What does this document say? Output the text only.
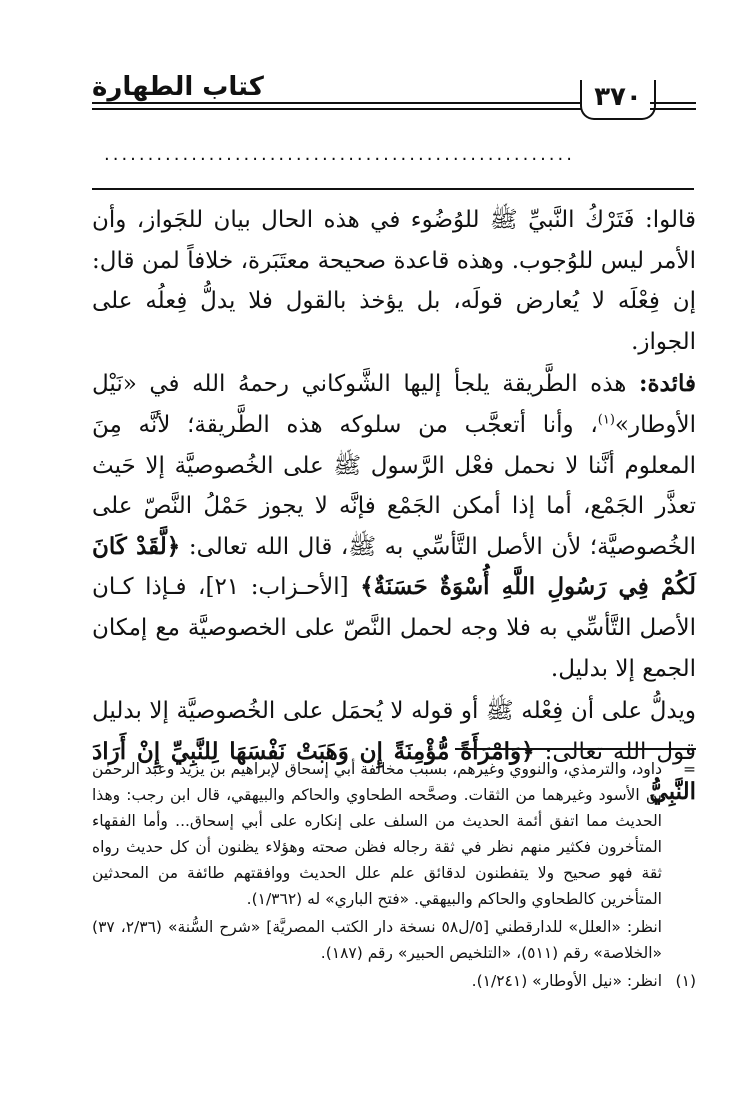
كتاب الطهارة	٣٧٠
......................................................

قالوا: فَتَرْكُ النَّبيِّ ﷺ للوُضُوء في هذه الحال بيان للجَواز، وأن الأمر ليس للوُجوب. وهذه قاعدة صحيحة معتَبَرة، خلافاً لمن قال: إن فِعْلَه لا يُعارض قولَه، بل يؤخذ بالقول فلا يدلُّ فِعلُه على الجواز.

فائدة: هذه الطَّريقة يلجأ إليها الشَّوكاني رحمهُ الله في «نَيْل الأوطار»$^{(١)}$، وأنا أتعجَّب من سلوكه هذه الطَّريقة؛ لأنَّه مِنَ المعلوم أنَّنا لا نحمل فعْل الرَّسول ﷺ على الخُصوصيَّة إلا حَيث تعذَّر الجَمْع، أما إذا أمكن الجَمْع فإنَّه لا يجوز حَمْلُ النَّصّ على الخُصوصيَّة؛ لأن الأصل التَّأسِّي به ﷺ، قال الله تعالى: ﴿لَّقَدْ كَانَ لَكُمْ فِي رَسُولِ اللَّهِ أُسْوَةٌ حَسَنَةٌ﴾ [الأحـزاب: ٢١]، فـإذا كـان الأصل التَّأسِّي به فلا وجه لحمل النَّصّ على الخصوصيَّة مع إمكان الجمع إلا بدليل.

ويدلُّ على أن فِعْله ﷺ أو قوله لا يُحمَل على الخُصوصيَّة إلا بدليل قول الله تعالى: ﴿وَامْرَأَةً مُّؤْمِنَةً إِن وَهَبَتْ نَفْسَهَا لِلنَّبِيِّ إِنْ أَرَادَ النَّبِيُّ

=
داود، والترمذي، والنووي وغيرهم، بسبب مخالفة أبي إسحاق لإبراهيم بن يزيد وعبد الرحمٰن بن الأسود وغيرهما من الثقات. وصحَّحه الطحاوي والحاكم والبيهقي، قال ابن رجب: وهذا الحديث مما اتفق أئمة الحديث من السلف على إنكاره على أبي إسحاق... وأما الفقهاء المتأخرون فكثير منهم نظر في ثقة رجاله فظن صحته وهؤلاء يظنون أن كل حديث رواه ثقة فهو صحيح ولا يتفطنون لدقائق علم علل الحديث ووافقتهم طائفة من المحدثين المتأخرين كالطحاوي والحاكم والبيهقي. «فتح الباري» له (١/٣٦٢).

انظر: «العلل» للدارقطني [٥/ل٥٨ نسخة دار الكتب المصريَّة] «شرح السُّنة» (٢/٣٦، ٣٧) «الخلاصة» رقم (٥١١)، «التلخيص الحبير» رقم (١٨٧).

(١)
انظر: «نيل الأوطار» (١/٢٤١).
